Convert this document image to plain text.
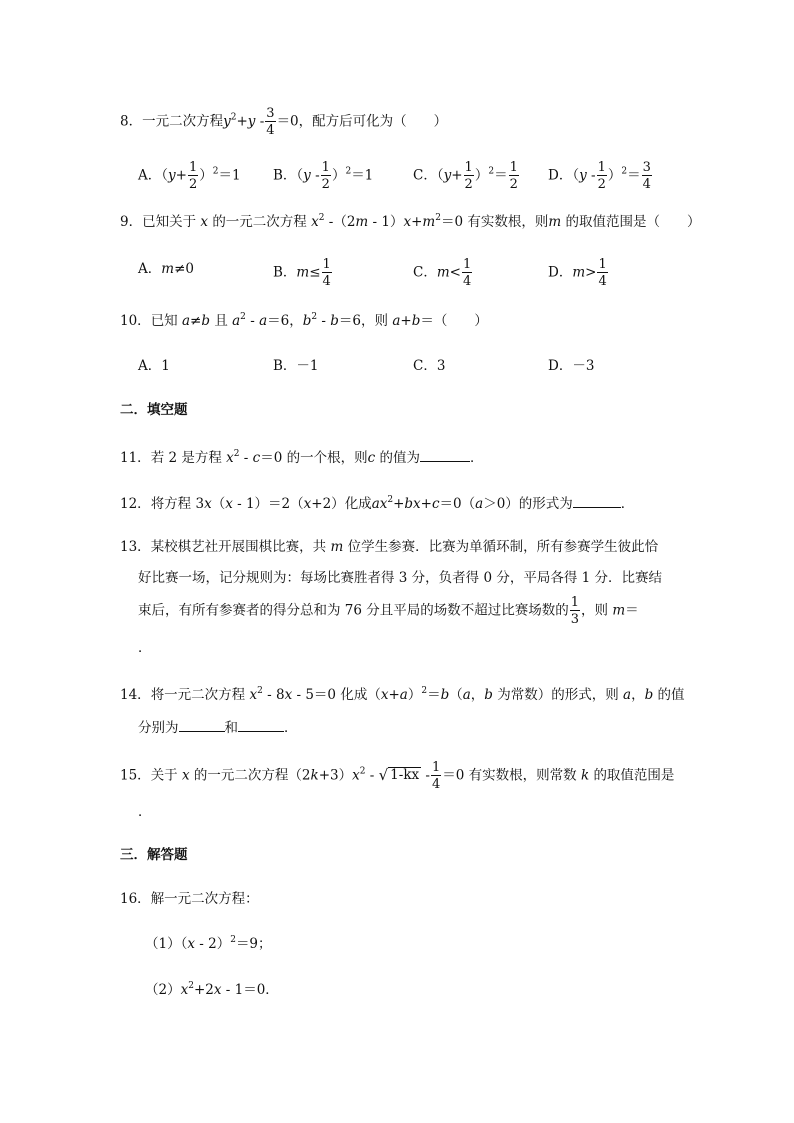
8．一元二次方程$y^2+y - \frac{3}{4} =0$，配方后可化为（　　）
A．$(y+ \frac{1}{2} )^2=1$ B．$(y - \frac{1}{2} )^2=1$	C．$(y+ \frac{1}{2} )^2= \frac{1}{2}$ D．$(y - \frac{1}{2} )^2= \frac{3}{4}$
9．已知关于 x 的一元二次方程 $x^2$ $-(2m - 1)x+m^2=0$ 有实数根，则m 的取值范围是（　　）
A．m≠0	B．$m\le \frac{1}{4}$	C．$m< \frac{1}{4}$	D．$m> \frac{1}{4}$
10．已知 a≠b 且 $a^2 - a=6$，$b^2 - b=6$，则 a+b＝（　　）
A．1	B．－1	C．3	D．－3
二．填空题
11．若 2 是方程 $x^2 - c=0$ 的一个根，则c 的值为	．
12．将方程 3x（x - 1）＝2（x+2）化成$ax^2+bx+c=0(a>0)$的形式为	．
13．某校棋艺社开展围棋比赛，共 m 位学生参赛．比赛为单循环制，所有参赛学生彼此恰
好比赛一场，记分规则为：每场比赛胜者得 3 分，负者得 0 分，平局各得 1 分．比赛结
束后，有所有参赛者的得分总和为 76 分且平局的场数不超过比赛场数的 $\frac{1}{3}$ ，则 m＝
．
14．将一元二次方程 $x^2 - 8x - 5=0$ 化成$(x+a)^2=b(a$，b 为常数）的形式，则 a，b 的值
分别为	和	．
15．关于 x 的一元二次方程$(2k+3)x^2$ - √ $1-kx - \frac{1}{4} =0$ 有实数根，则常数 k 的取值范围是
．
三．解答题
16．解一元二次方程：
（1）（x - 2）$^2$＝9；
$(2)x^2+2x - 1=0$．
